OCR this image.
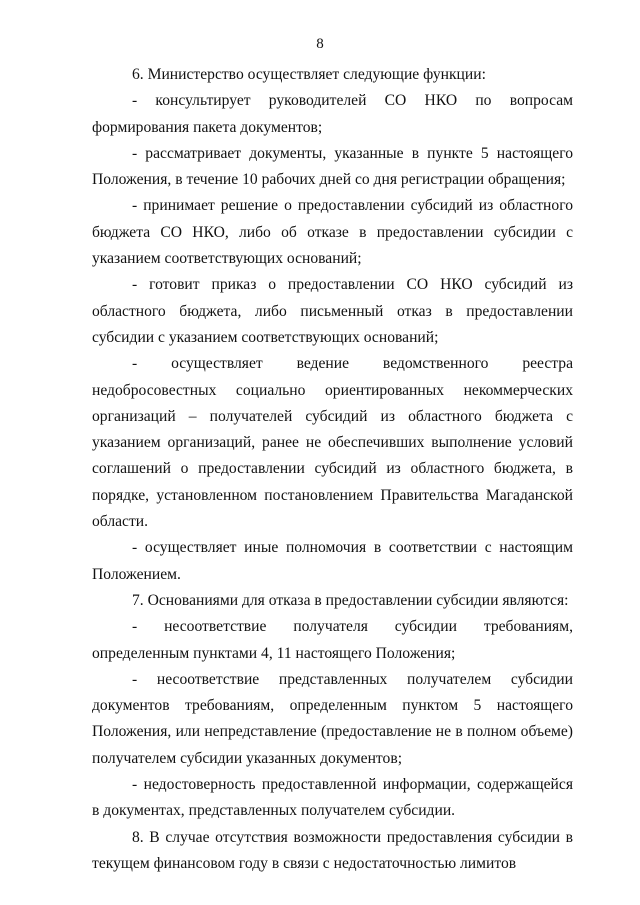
8

6. Министерство осуществляет следующие функции:

- консультирует руководителей СО НКО по вопросам формирования пакета документов;

- рассматривает документы, указанные в пункте 5 настоящего Положения, в течение 10 рабочих дней со дня регистрации обращения;

- принимает решение о предоставлении субсидий из областного бюджета СО НКО, либо об отказе в предоставлении субсидии с указанием соответствующих оснований;

- готовит приказ о предоставлении СО НКО субсидий из областного бюджета, либо письменный отказ в предоставлении субсидии с указанием соответствующих оснований;

- осуществляет ведение ведомственного реестра недобросовестных социально ориентированных некоммерческих организаций – получателей субсидий из областного бюджета с указанием организаций, ранее не обеспечивших выполнение условий соглашений о предоставлении субсидий из областного бюджета, в порядке, установленном постановлением Правительства Магаданской области.

- осуществляет иные полномочия в соответствии с настоящим Положением.

7. Основаниями для отказа в предоставлении субсидии являются:

- несоответствие получателя субсидии требованиям, определенным пунктами 4, 11 настоящего Положения;

- несоответствие представленных получателем субсидии документов требованиям, определенным пунктом 5 настоящего Положения, или непредставление (предоставление не в полном объеме) получателем субсидии указанных документов;

- недостоверность предоставленной информации, содержащейся в документах, представленных получателем субсидии.

8. В случае отсутствия возможности предоставления субсидии в текущем финансовом году в связи с недостаточностью лимитов
